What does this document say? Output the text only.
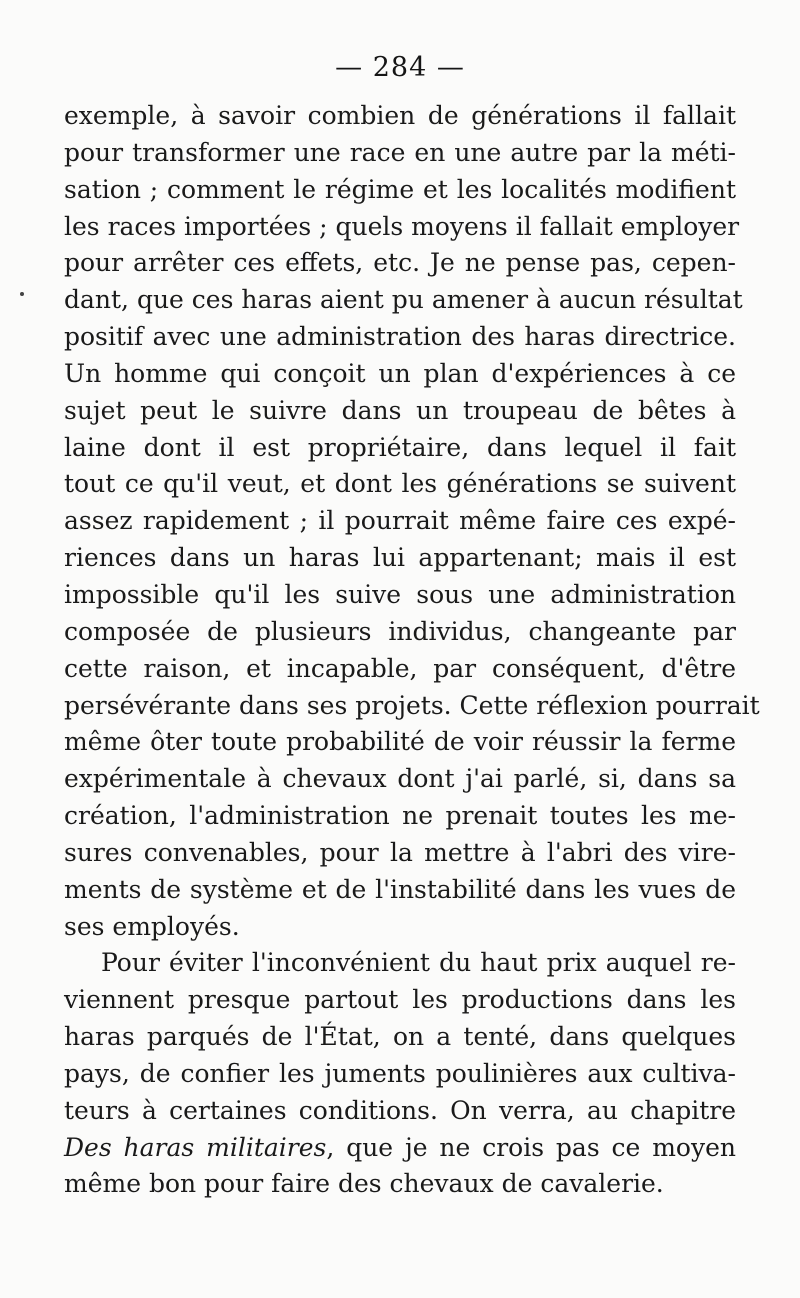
— 284 —
exemple, à savoir combien de générations il fallait
pour transformer une race en une autre par la méti-
sation ; comment le régime et les localités modifient
les races importées ; quels moyens il fallait employer
pour arrêter ces effets, etc. Je ne pense pas, cepen-
dant, que ces haras aient pu amener à aucun résultat
positif avec une administration des haras directrice.
Un homme qui conçoit un plan d'expériences à ce
sujet peut le suivre dans un troupeau de bêtes à
laine dont il est propriétaire, dans lequel il fait
tout ce qu'il veut, et dont les générations se suivent
assez rapidement ; il pourrait même faire ces expé-
riences dans un haras lui appartenant; mais il est
impossible qu'il les suive sous une administration
composée de plusieurs individus, changeante par
cette raison, et incapable, par conséquent, d'être
persévérante dans ses projets. Cette réflexion pourrait
même ôter toute probabilité de voir réussir la ferme
expérimentale à chevaux dont j'ai parlé, si, dans sa
création, l'administration ne prenait toutes les me-
sures convenables, pour la mettre à l'abri des vire-
ments de système et de l'instabilité dans les vues de
ses employés.
Pour éviter l'inconvénient du haut prix auquel re-
viennent presque partout les productions dans les
haras parqués de l'État, on a tenté, dans quelques
pays, de confier les juments poulinières aux cultiva-
teurs à certaines conditions. On verra, au chapitre
Des haras militaires, que je ne crois pas ce moyen
même bon pour faire des chevaux de cavalerie.
